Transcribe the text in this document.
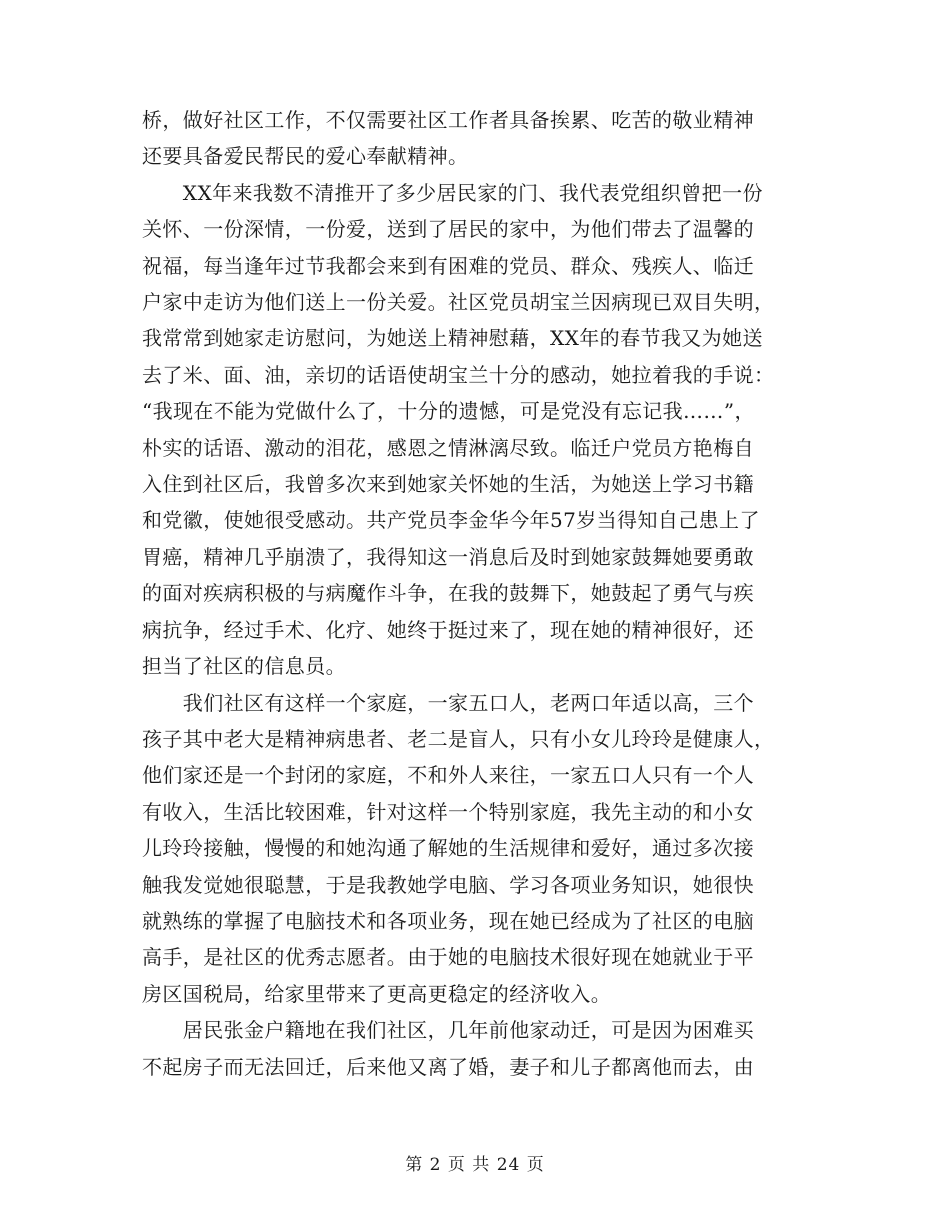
桥，做好社区工作，不仅需要社区工作者具备挨累、吃苦的敬业精神

还要具备爱民帮民的爱心奉献精神。

　　XX年来我数不清推开了多少居民家的门、我代表党组织曾把一份

关怀、一份深情，一份爱，送到了居民的家中，为他们带去了温馨的

祝福，每当逢年过节我都会来到有困难的党员、群众、残疾人、临迁

户家中走访为他们送上一份关爱。社区党员胡宝兰因病现已双目失明，

我常常到她家走访慰问，为她送上精神慰藉，XX年的春节我又为她送

去了米、面、油，亲切的话语使胡宝兰十分的感动，她拉着我的手说：

“我现在不能为党做什么了，十分的遗憾，可是党没有忘记我……”，

朴实的话语、激动的泪花，感恩之情淋漓尽致。临迁户党员方艳梅自

入住到社区后，我曾多次来到她家关怀她的生活，为她送上学习书籍

和党徽，使她很受感动。共产党员李金华今年57岁当得知自己患上了

胃癌，精神几乎崩溃了，我得知这一消息后及时到她家鼓舞她要勇敢

的面对疾病积极的与病魔作斗争，在我的鼓舞下，她鼓起了勇气与疾

病抗争，经过手术、化疗、她终于挺过来了，现在她的精神很好，还

担当了社区的信息员。

　　我们社区有这样一个家庭，一家五口人，老两口年适以高，三个

孩子其中老大是精神病患者、老二是盲人，只有小女儿玲玲是健康人，

他们家还是一个封闭的家庭，不和外人来往，一家五口人只有一个人

有收入，生活比较困难，针对这样一个特别家庭，我先主动的和小女

儿玲玲接触，慢慢的和她沟通了解她的生活规律和爱好，通过多次接

触我发觉她很聪慧，于是我教她学电脑、学习各项业务知识，她很快

就熟练的掌握了电脑技术和各项业务，现在她已经成为了社区的电脑

高手，是社区的优秀志愿者。由于她的电脑技术很好现在她就业于平

房区国税局，给家里带来了更高更稳定的经济收入。

　　居民张金户籍地在我们社区，几年前他家动迁，可是因为困难买

不起房子而无法回迁，后来他又离了婚，妻子和儿子都离他而去，由

第 2 页 共 24 页
